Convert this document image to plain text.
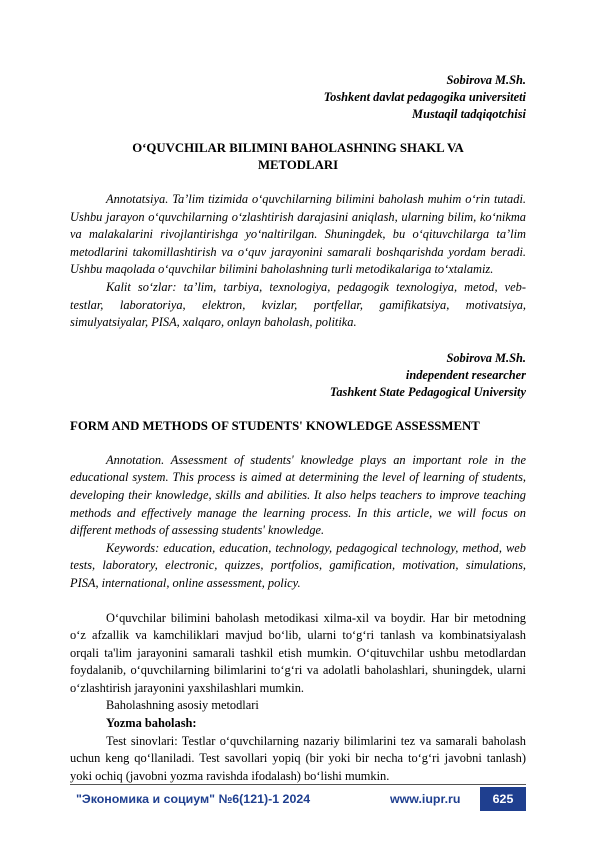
Sobirova M.Sh.
Toshkent davlat pedagogika universiteti
Mustaqil tadqiqotchisi
O‘QUVCHILAR BILIMINI BAHOLASHNING SHAKL VA
METODLARI

Annotatsiya. Ta’lim tizimida o‘quvchilarning bilimini baholash muhim o‘rin tutadi. Ushbu jarayon o‘quvchilarning o‘zlashtirish darajasini aniqlash, ularning bilim, ko‘nikma va malakalarini rivojlantirishga yo‘naltirilgan. Shuningdek, bu o‘qituvchilarga ta’lim metodlarini takomillashtirish va o‘quv jarayonini samarali boshqarishda yordam beradi. Ushbu maqolada o‘quvchilar bilimini baholashning turli metodikalariga to‘xtalamiz.

Kalit so‘zlar: ta’lim, tarbiya, texnologiya, pedagogik texnologiya, metod, veb-testlar, laboratoriya, elektron, kvizlar, portfellar, gamifikatsiya, motivatsiya, simulyatsiyalar, PISA, xalqaro, onlayn baholash, politika.

Sobirova M.Sh.
independent researcher
Tashkent State Pedagogical University
FORM AND METHODS OF STUDENTS' KNOWLEDGE ASSESSMENT

Annotation. Assessment of students' knowledge plays an important role in the educational system. This process is aimed at determining the level of learning of students, developing their knowledge, skills and abilities. It also helps teachers to improve teaching methods and effectively manage the learning process. In this article, we will focus on different methods of assessing students' knowledge.

Keywords: education, education, technology, pedagogical technology, method, web tests, laboratory, electronic, quizzes, portfolios, gamification, motivation, simulations, PISA, international, online assessment, policy.

O‘quvchilar bilimini baholash metodikasi xilma-xil va boydir. Har bir metodning o‘z afzallik va kamchiliklari mavjud bo‘lib, ularni to‘g‘ri tanlash va kombinatsiyalash orqali ta'lim jarayonini samarali tashkil etish mumkin. O‘qituvchilar ushbu metodlardan foydalanib, o‘quvchilarning bilimlarini to‘g‘ri va adolatli baholashlari, shuningdek, ularni o‘zlashtirish jarayonini yaxshilashlari mumkin.

Baholashning asosiy metodlari

Yozma baholash:

Test sinovlari: Testlar o‘quvchilarning nazariy bilimlarini tez va samarali baholash uchun keng qo‘llaniladi. Test savollari yopiq (bir yoki bir necha to‘g‘ri javobni tanlash) yoki ochiq (javobni yozma ravishda ifodalash) bo‘lishi mumkin.

"Экономика и социум" №6(121)-1 2024	www.iupr.ru	625
